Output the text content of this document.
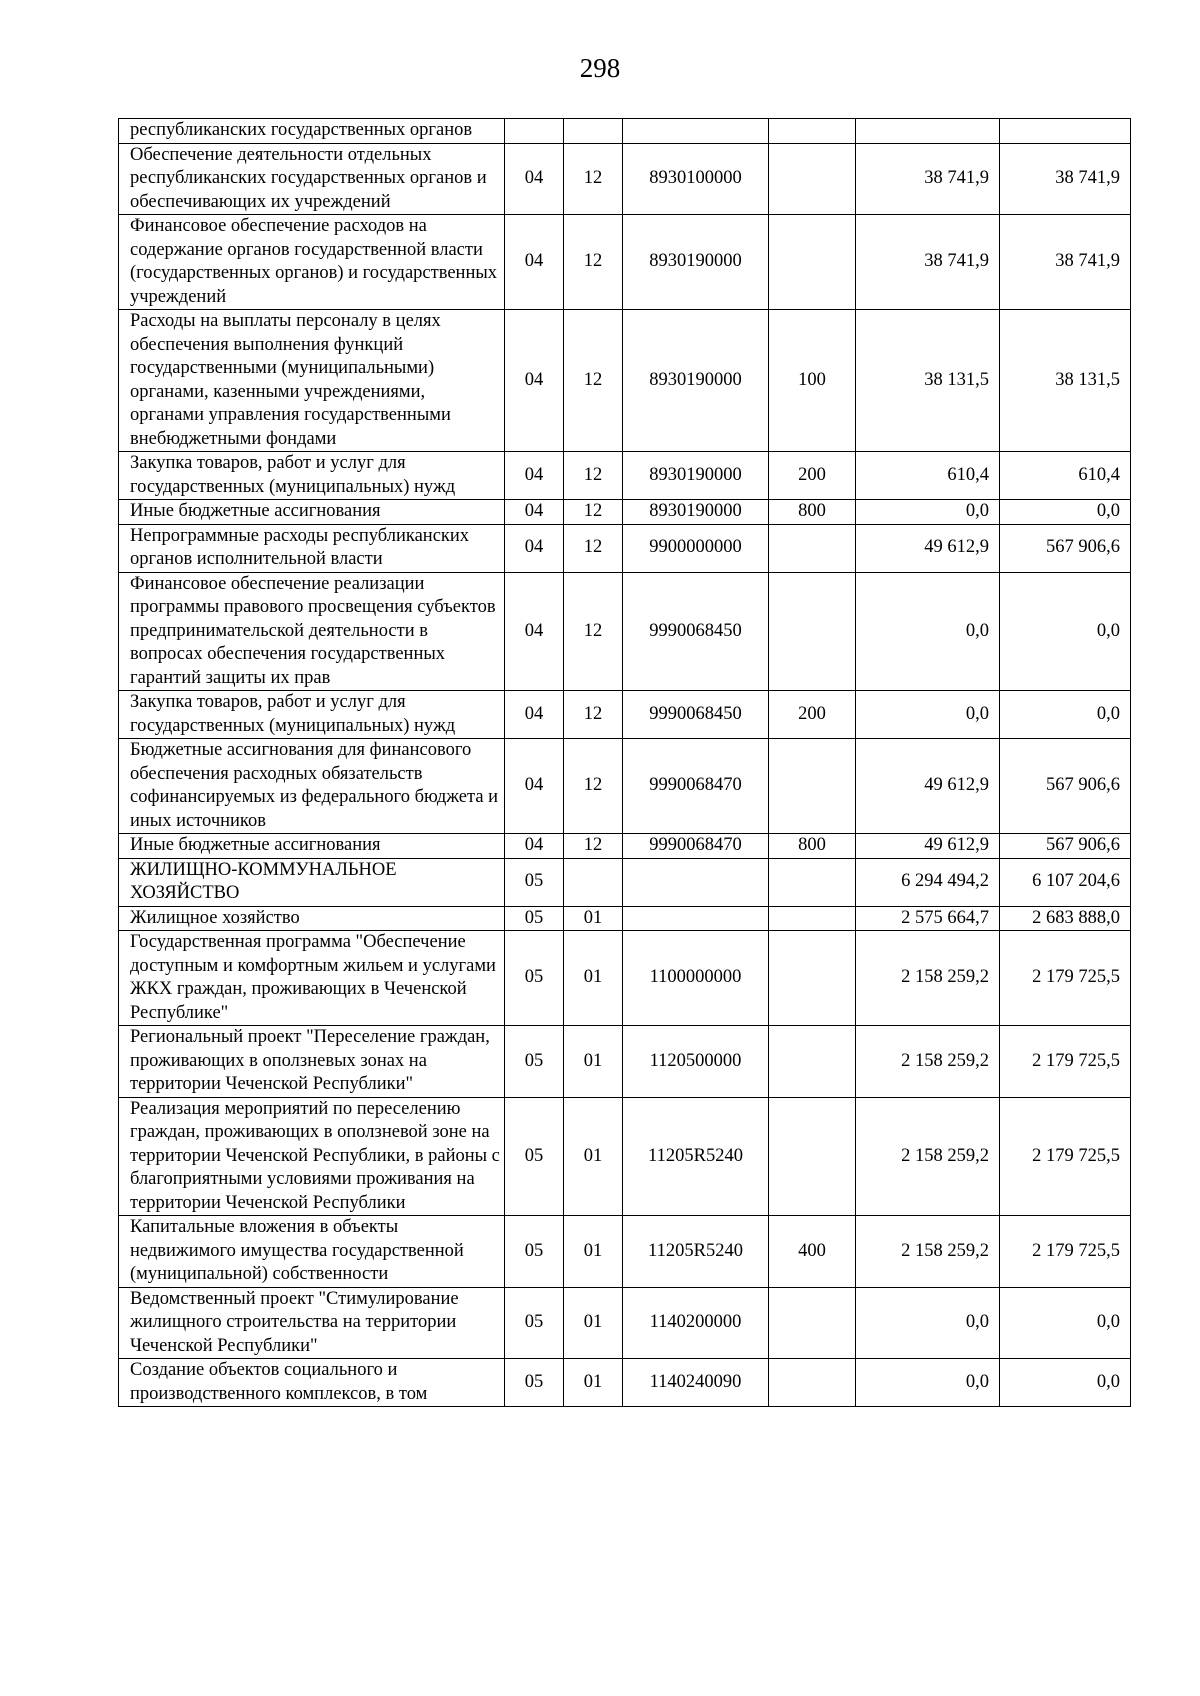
298
республиканских государственных органов						
Обеспечение деятельности отдельных республиканских государственных органов и обеспечивающих их учреждений	04	12	8930100000		38 741,9	38 741,9
Финансовое обеспечение расходов на содержание органов государственной власти (государственных органов) и государственных учреждений	04	12	8930190000		38 741,9	38 741,9
Расходы на выплаты персоналу в целях обеспечения выполнения функций государственными (муниципальными) органами, казенными учреждениями, органами управления государственными внебюджетными фондами	04	12	8930190000	100	38 131,5	38 131,5
Закупка товаров, работ и услуг для государственных (муниципальных) нужд	04	12	8930190000	200	610,4	610,4
Иные бюджетные ассигнования	04	12	8930190000	800	0,0	0,0
Непрограммные расходы республиканских органов исполнительной власти	04	12	9900000000		49 612,9	567 906,6
Финансовое обеспечение реализации программы правового просвещения субъектов предпринимательской деятельности в вопросах обеспечения государственных гарантий защиты их прав	04	12	9990068450		0,0	0,0
Закупка товаров, работ и услуг для государственных (муниципальных) нужд	04	12	9990068450	200	0,0	0,0
Бюджетные ассигнования для финансового обеспечения расходных обязательств софинансируемых из федерального бюджета и иных источников	04	12	9990068470		49 612,9	567 906,6
Иные бюджетные ассигнования	04	12	9990068470	800	49 612,9	567 906,6
ЖИЛИЩНО-КОММУНАЛЬНОЕ ХОЗЯЙСТВО	05				6 294 494,2	6 107 204,6
Жилищное хозяйство	05	01			2 575 664,7	2 683 888,0
Государственная программа "Обеспечение доступным и комфортным жильем и услугами ЖКХ граждан, проживающих в Чеченской Республике"	05	01	1100000000		2 158 259,2	2 179 725,5
Региональный проект "Переселение граждан, проживающих в оползневых зонах на территории Чеченской Республики"	05	01	1120500000		2 158 259,2	2 179 725,5
Реализация мероприятий по переселению граждан, проживающих в оползневой зоне на территории Чеченской Республики, в районы с благоприятными условиями проживания на территории Чеченской Республики	05	01	11205R5240		2 158 259,2	2 179 725,5
Капитальные вложения в объекты недвижимого имущества государственной (муниципальной) собственности	05	01	11205R5240	400	2 158 259,2	2 179 725,5
Ведомственный проект "Стимулирование жилищного строительства на территории Чеченской Республики"	05	01	1140200000		0,0	0,0
Создание объектов социального и производственного комплексов, в том	05	01	1140240090		0,0	0,0
